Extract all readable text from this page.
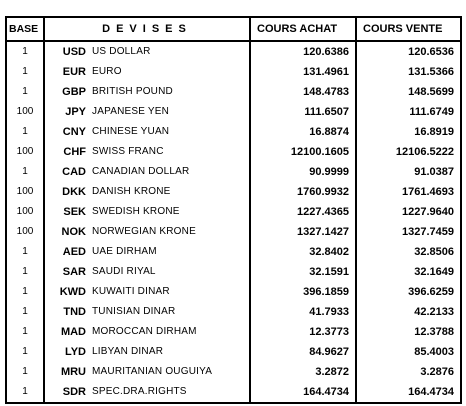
BASE	DEVISES		COURS ACHAT	COURS VENTE
1	USD	US DOLLAR	120.6386	120.6536
1	EUR	EURO	131.4961	131.5366
1	GBP	BRITISH POUND	148.4783	148.5699
100	JPY	JAPANESE YEN	111.6507	111.6749
1	CNY	CHINESE YUAN	16.8874	16.8919
100	CHF	SWISS FRANC	12100.1605	12106.5222
1	CAD	CANADIAN DOLLAR	90.9999	91.0387
100	DKK	DANISH KRONE	1760.9932	1761.4693
100	SEK	SWEDISH KRONE	1227.4365	1227.9640
100	NOK	NORWEGIAN KRONE	1327.1427	1327.7459
1	AED	UAE DIRHAM	32.8402	32.8506
1	SAR	SAUDI RIYAL	32.1591	32.1649
1	KWD	KUWAITI DINAR	396.1859	396.6259
1	TND	TUNISIAN DINAR	41.7933	42.2133
1	MAD	MOROCCAN DIRHAM	12.3773	12.3788
1	LYD	LIBYAN DINAR	84.9627	85.4003
1	MRU	MAURITANIAN OUGUIYA	3.2872	3.2876
1	SDR	SPEC.DRA.RIGHTS	164.4734	164.4734
